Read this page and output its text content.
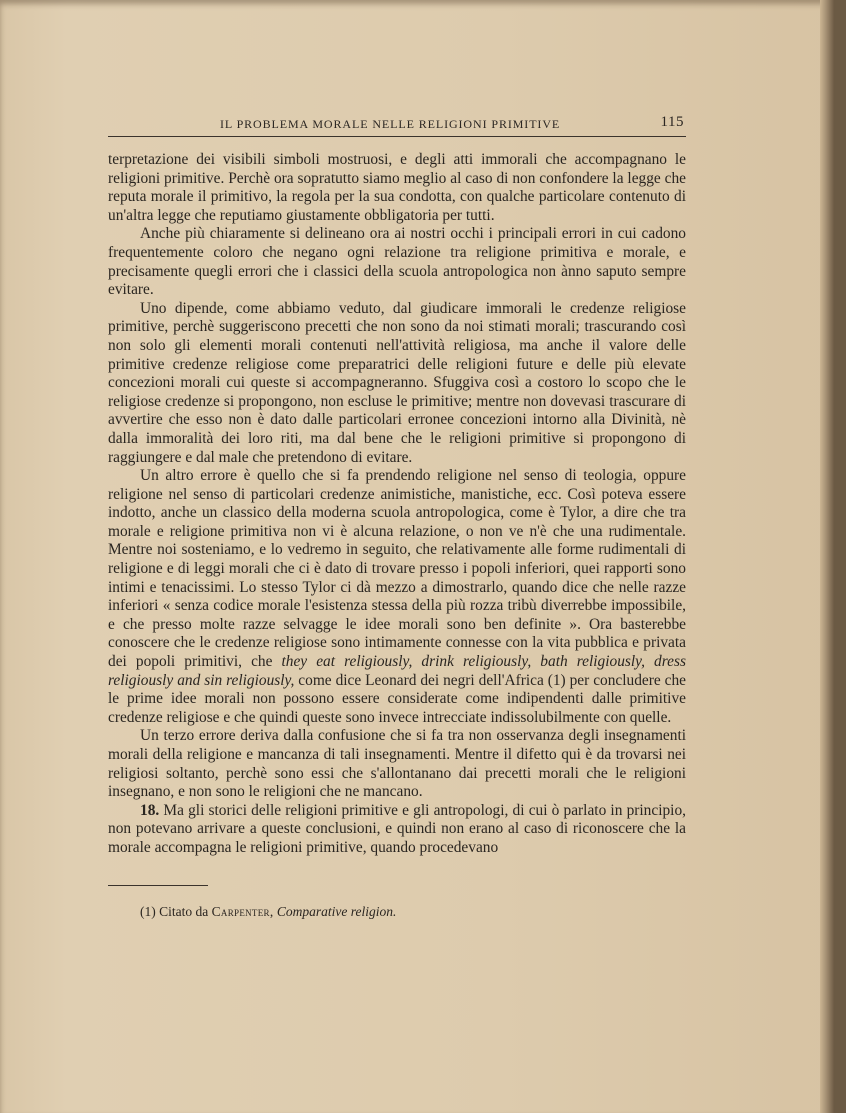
IL PROBLEMA MORALE NELLE RELIGIONI PRIMITIVE	115

terpretazione dei visibili simboli mostruosi, e degli atti immorali che accompagnano le religioni primitive. Perchè ora sopratutto siamo meglio al caso di non confondere la legge che reputa morale il primitivo, la regola per la sua condotta, con qualche particolare contenuto di un'altra legge che reputiamo giustamente obbligatoria per tutti.

Anche più chiaramente si delineano ora ai nostri occhi i principali errori in cui cadono frequentemente coloro che negano ogni relazione tra religione primitiva e morale, e precisamente quegli errori che i classici della scuola antropologica non ànno saputo sempre evitare.

Uno dipende, come abbiamo veduto, dal giudicare immorali le credenze religiose primitive, perchè suggeriscono precetti che non sono da noi stimati morali; trascurando così non solo gli elementi morali contenuti nell'attività religiosa, ma anche il valore delle primitive credenze religiose come preparatrici delle religioni future e delle più elevate concezioni morali cui queste si accompagneranno. Sfuggiva così a costoro lo scopo che le religiose credenze si propongono, non escluse le primitive; mentre non dovevasi trascurare di avvertire che esso non è dato dalle particolari erronee concezioni intorno alla Divinità, nè dalla immoralità dei loro riti, ma dal bene che le religioni primitive si propongono di raggiungere e dal male che pretendono di evitare.

Un altro errore è quello che si fa prendendo religione nel senso di teologia, oppure religione nel senso di particolari credenze animistiche, manistiche, ecc. Così poteva essere indotto, anche un classico della moderna scuola antropologica, come è Tylor, a dire che tra morale e religione primitiva non vi è alcuna relazione, o non ve n'è che una rudimentale. Mentre noi sosteniamo, e lo vedremo in seguito, che relativamente alle forme rudimentali di religione e di leggi morali che ci è dato di trovare presso i popoli inferiori, quei rapporti sono intimi e tenacissimi. Lo stesso Tylor ci dà mezzo a dimostrarlo, quando dice che nelle razze inferiori « senza codice morale l'esistenza stessa della più rozza tribù diverrebbe impossibile, e che presso molte razze selvagge le idee morali sono ben definite ». Ora basterebbe conoscere che le credenze religiose sono intimamente connesse con la vita pubblica e privata dei popoli primitivi, che they eat religiously, drink religiously, bath religiously, dress religiously and sin religiously, come dice Leonard dei negri dell'Africa (1) per concludere che le prime idee morali non possono essere considerate come indipendenti dalle primitive credenze religiose e che quindi queste sono invece intrecciate indissolubilmente con quelle.

Un terzo errore deriva dalla confusione che si fa tra non osservanza degli insegnamenti morali della religione e mancanza di tali insegnamenti. Mentre il difetto qui è da trovarsi nei religiosi soltanto, perchè sono essi che s'allontanano dai precetti morali che le religioni insegnano, e non sono le religioni che ne mancano.

18. Ma gli storici delle religioni primitive e gli antropologi, di cui ò parlato in principio, non potevano arrivare a queste conclusioni, e quindi non erano al caso di riconoscere che la morale accompagna le religioni primitive, quando procedevano

(1) Citato da Carpenter, Comparative religion.
